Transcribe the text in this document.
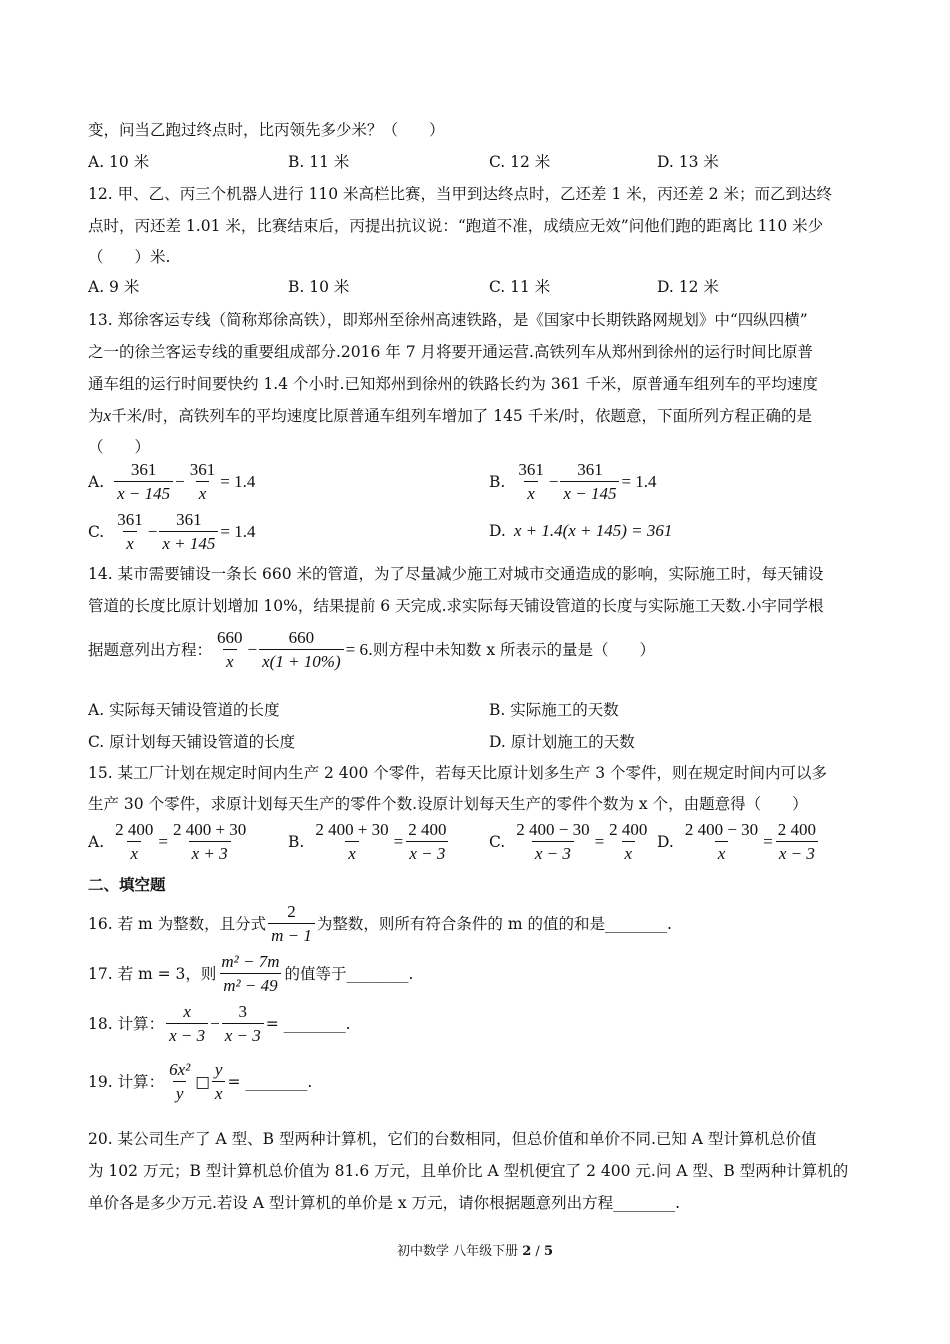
变，问当乙跑过终点时，比丙领先多少米？（　　）
A. 10 米	B. 11 米	C. 12 米	D. 13 米
12. 甲、乙、丙三个机器人进行 110 米高栏比赛，当甲到达终点时，乙还差 1 米，丙还差 2 米；而乙到达终
点时，丙还差 1.01 米，比赛结束后，丙提出抗议说：“跑道不准，成绩应无效”问他们跑的距离比 110 米少
（　　）米.
A. 9 米	B. 10 米	C. 11 米	D. 12 米
13. 郑徐客运专线（简称郑徐高铁），即郑州至徐州高速铁路，是《国家中长期铁路网规划》中“四纵四横”
之一的徐兰客运专线的重要组成部分.2016 年 7 月将要开通运营.高铁列车从郑州到徐州的运行时间比原普
通车组的运行时间要快约 1.4 个小时.已知郑州到徐州的铁路长约为 361 千米，原普通车组列车的平均速度
为x千米/时，高铁列车的平均速度比原普通车组列车增加了 145 千米/时，依题意，下面所列方程正确的是
（　　）
A. $\frac{361}{x - 145} - \frac{361}{x} = 1.4$	B. $\frac{361}{x} - \frac{361}{x - 145} = 1.4$
C. $\frac{361}{x} - \frac{361}{x + 145} = 1.4$	D. x + 1.4(x + 145) = 361
14. 某市需要铺设一条长 660 米的管道，为了尽量减少施工对城市交通造成的影响，实际施工时，每天铺设
管道的长度比原计划增加 10%，结果提前 6 天完成.求实际每天铺设管道的长度与实际施工天数.小宇同学根
据题意列出方程： $\frac{660}{x} - \frac{660}{x(1 + 10\%)} = 6$ .则方程中未知数 x 所表示的量是（　　）
A. 实际每天铺设管道的长度	B. 实际施工的天数
C. 原计划每天铺设管道的长度	D. 原计划施工的天数
15. 某工厂计划在规定时间内生产 2 400 个零件，若每天比原计划多生产 3 个零件，则在规定时间内可以多
生产 30 个零件，求原计划每天生产的零件个数.设原计划每天生产的零件个数为 x 个，由题意得（　　）
A. $\frac{2 400}{x} = \frac{2 400 + 30}{x + 3} B$. $\frac{2 400 + 30}{x} = \frac{2 400}{x - 3}$	C. $\frac{2 400 - 30}{x - 3} = \frac{2 400}{x} D$. $\frac{2 400 - 30}{x} = \frac{2 400}{x - 3}$
二、填空题
16. 若 m 为整数，且分式 $\frac{2}{m - 1}$ 为整数，则所有符合条件的 m 的值的和是________.
17. 若 m = 3，则 $\frac{\text{m² − 7m}}{\text{m² − 49}}$ 的值等于________.
18. 计算： $\frac{x}{x - 3} - \frac{3}{x - 3}$ = ________.
19. 计算： $\frac{\text{6x²}}{y}$ □ $\frac{y}{x}$ = ________.
20. 某公司生产了 A 型、B 型两种计算机，它们的台数相同，但总价值和单价不同.已知 A 型计算机总价值
为 102 万元；B 型计算机总价值为 81.6 万元，且单价比 A 型机便宜了 2 400 元.问 A 型、B 型两种计算机的
单价各是多少万元.若设 A 型计算机的单价是 x 万元，请你根据题意列出方程________.
初中数学 八年级下册 2 / 5
